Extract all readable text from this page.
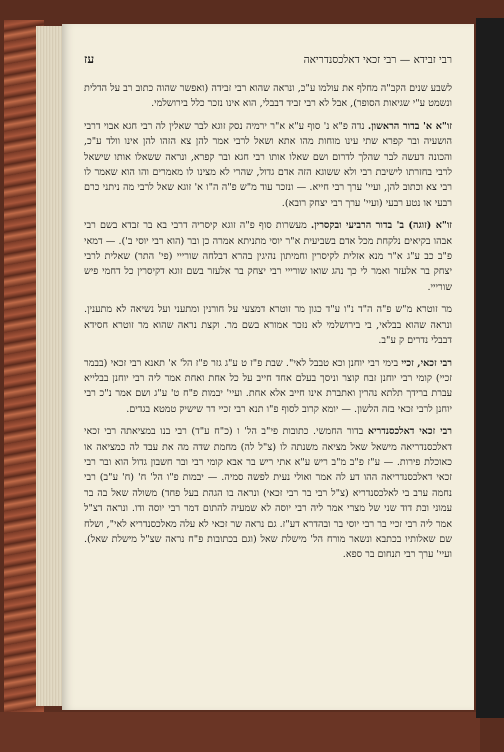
רבי זבידא — רבי זכאי דאלכסנדריאה
עז

לשבע שנים הקב"ה מחלף את עולמו ע"כ, ונראה שהוא רבי זבידה (ואפשר שהוה כתוב רב על הדלית ונשמט ע"י שגיאות הסופר), אבל לא רבי זביד דבבלי, הוא אינו נזכר כלל בירושלמי.

זו"א א' בדור הראשון. נדה פ"א נ' סוף ע"א א"ר ירמיה נסק זוגא לבר שאלין לה רבי חגא אבוי דרבי הושעיה ובר קפרא שתי עינו מוחות מהו אתא ושאל לרבי אמר להן צא הזהו להן אינו וולד ע"כ, והכונה דעשה לבר שהלך לדרום ושם שאלו אותו רבי חגא ובר קפרא, ונראה ששאלו אותו שישאל לרבי בחזרתו לישיבת רבי ולא ששוגא הזה אדם גדול, שהרי לא מצינו לו מאמרים והו הוא שאמר לו רבי צא וכתוב להן, ועיי' ערך רבי חייא. — ונזכר עוד מ"ש פ"ה ה"ו א' זוגא שאל לרבי מה ניתני כרם רבעי או נטע רבעי (ועיי' ערך רבי יצחק רובא).

זו"א (זוגה) ב' בדור הרביעי ובקסרין. מעשרות סוף פ"ה זוגא קיסריה דרבי בא בר זבדא בשם רבי אבהו בקיאים נלקחת מכל אדם בשביעית א"ר יוסי מתניתא אמרה כן ובר (הוא רבי יוסי ב'). — דמאי פ"ב כב ע"ג א"ר מנא אזלית לקיסרין וחמיתון נהיגין בהרא דבלחה שורייי (פי' התר) שאלית לרבי יצחק בר אלעזר ואמר לי כך נהג שואו שורייי רבי יצחק בר אלעזר בשם זוגא דקיסרין כל דחמי פיש שורייי.

מר זוטרא מ"ש פ"ה ה"ד נ"ו ע"ד כגון מר זוטרא דמצעי על חורנין ומתעני ועל נשיאה לא מתענין. ונראה שהוא בבלאי, בי בירושלמי לא נזכר אמורא בשם מר. וקצת נראה שהוא מר זוטרא חסידא דבבלי נדרים ק ע"ב.

רבי זכאי, זכיי בימי רבי יוחנן וכא טבבל לאי". שבת פ"ז ט ע"ג גזר פ"ז הל' א' תאנא רבי זכאי (בבמר זכיי) קומי רבי יוחנן זבח קוצר וניסך בעלם אחד חייב על כל אחת ואחת אמר ליה רבי יוחנן בבלייא עברת ברידך תלתא נהרין ואתברת אינו חייב אלא אחת. ועיי' יבמות פ"ח ט' ע"ג ושם אמר נ"כ רבי יוחנן לרבי זכאי בזה הלשון. — יומא קרוב לסוף פ"ו תנא רבי זכיי דר שישיק טמטא בגדים.

רבי זכאי דאלכסנדריא בדור החמשי. כתובות פי"ב הל' ו (כ"ח ע"ד) רבי בנו במציאתה רבי זכאי דאלכסנדריאה מישאל שאל מציאה משנתה לו (צ"ל לה) מחמת שדה מה את עבד לה כמציאה או כאוכלת פירות. — ע"ז פ"ב מ"ב ריש ע"א אתי ריש בר אבא קומי רבי ובר חשבון גדול הוא ובר רבי זכאי דאלכסנדריאה ההו דע לה אמר ואולי נעית לפשה סמיה. — יבמות פ"ו הל' ח' (ח' ע"ב) רבי נחמה ערב בי לאלכסנדריא (צ"ל רבי בר רבי זכאי) ונראה בו הגהת בעל פחד) משולה שאל בה בר עמוני ובת דוד שני של מצרי אמר ליה רבי יוסה לא שמעיה להתום דמר רבי יוסה ודו. ונראה דצ"ל אמר ליה רבי זכיי בר רבי יוסי בר ובהדרא דע"ז. גם נראה שר זכאי לא עלה מאלכסנדריא לאי", ושלח שם שאלותיו בכתבא ונשאר מורח הל' מישלת שאל (וגם בכתובות פ"ח נראה שצ"ל מישלת שאל). ועיי' ערך רבי תנחום בר ספא.
